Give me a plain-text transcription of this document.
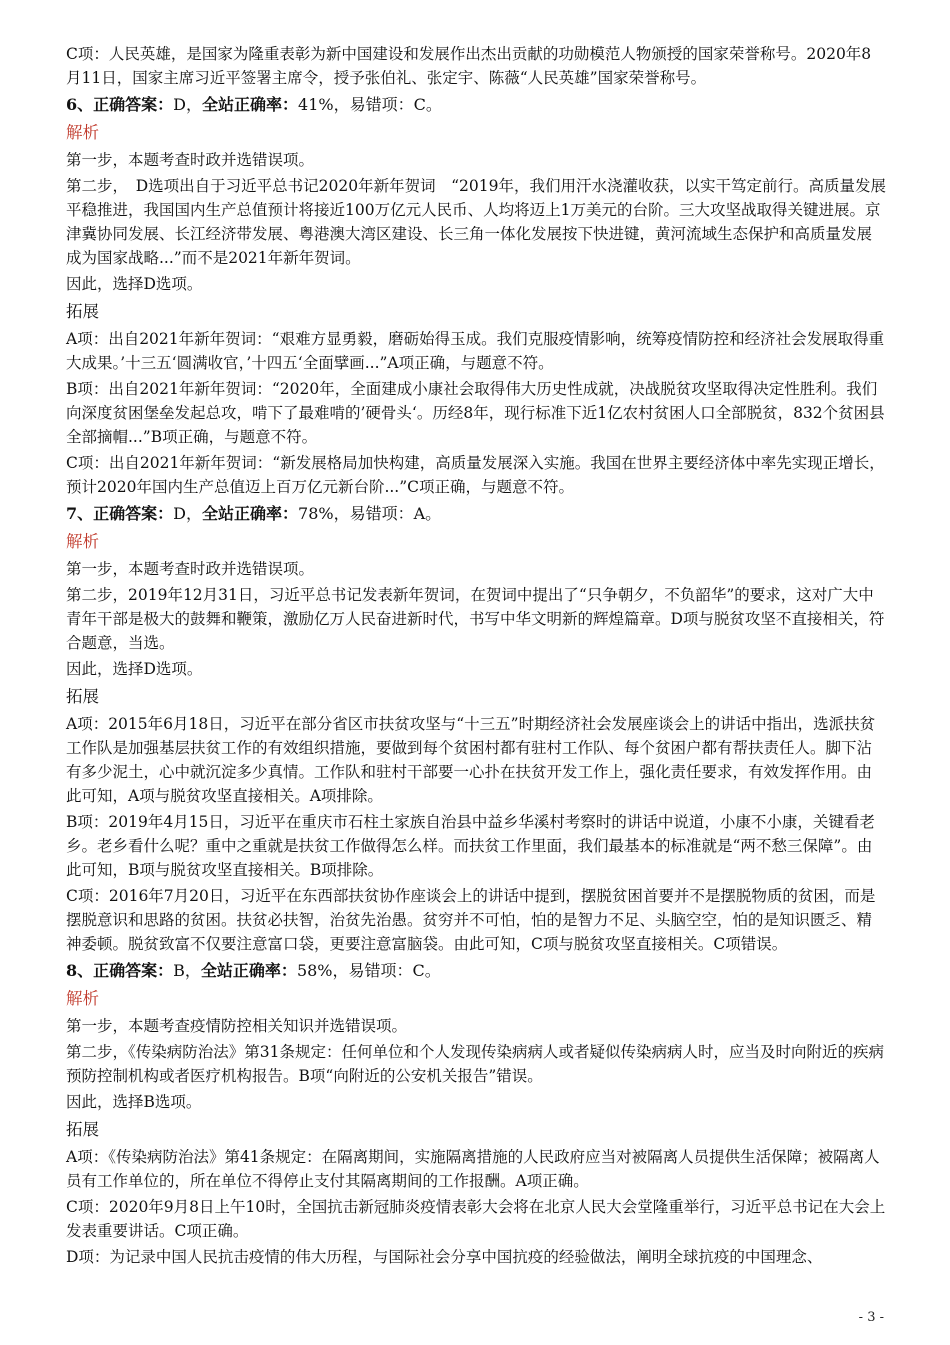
C项：人民英雄，是国家为隆重表彰为新中国建设和发展作出杰出贡献的功勋模范人物颁授的国家荣誉称号。2020年8月11日，国家主席习近平签署主席令，授予张伯礼、张定宇、陈薇“人民英雄”国家荣誉称号。

6、正确答案：D，全站正确率：41%，易错项：C。

解析

第一步，本题考查时政并选错误项。

第二步，　D选项出自于习近平总书记2020年新年贺词　“2019年，我们用汗水浇灌收获，以实干笃定前行。高质量发展平稳推进，我国国内生产总值预计将接近100万亿元人民币、人均将迈上1万美元的台阶。三大攻坚战取得关键进展。京津冀协同发展、长江经济带发展、粤港澳大湾区建设、长三角一体化发展按下快进键，黄河流域生态保护和高质量发展成为国家战略...”而不是2021年新年贺词。

因此，选择D选项。

拓展

A项：出自2021年新年贺词：“艰难方显勇毅，磨砺始得玉成。我们克服疫情影响，统筹疫情防控和经济社会发展取得重大成果。’十三五‘圆满收官，’十四五‘全面擘画...”A项正确，与题意不符。

B项：出自2021年新年贺词：“2020年，全面建成小康社会取得伟大历史性成就，决战脱贫攻坚取得决定性胜利。我们向深度贫困堡垒发起总攻，啃下了最难啃的’硬骨头‘。历经8年，现行标准下近1亿农村贫困人口全部脱贫，832个贫困县全部摘帽...”B项正确，与题意不符。

C项：出自2021年新年贺词：“新发展格局加快构建，高质量发展深入实施。我国在世界主要经济体中率先实现正增长，预计2020年国内生产总值迈上百万亿元新台阶...”C项正确，与题意不符。

7、正确答案：D，全站正确率：78%，易错项：A。

解析

第一步，本题考查时政并选错误项。

第二步，2019年12月31日，习近平总书记发表新年贺词，在贺词中提出了“只争朝夕，不负韶华”的要求，这对广大中青年干部是极大的鼓舞和鞭策，激励亿万人民奋进新时代，书写中华文明新的辉煌篇章。D项与脱贫攻坚不直接相关，符合题意，当选。

因此，选择D选项。

拓展

A项：2015年6月18日，习近平在部分省区市扶贫攻坚与“十三五”时期经济社会发展座谈会上的讲话中指出，选派扶贫工作队是加强基层扶贫工作的有效组织措施，要做到每个贫困村都有驻村工作队、每个贫困户都有帮扶责任人。脚下沾有多少泥土，心中就沉淀多少真情。工作队和驻村干部要一心扑在扶贫开发工作上，强化责任要求，有效发挥作用。由此可知，A项与脱贫攻坚直接相关。A项排除。

B项：2019年4月15日，习近平在重庆市石柱土家族自治县中益乡华溪村考察时的讲话中说道，小康不小康，关键看老乡。老乡看什么呢？重中之重就是扶贫工作做得怎么样。而扶贫工作里面，我们最基本的标准就是“两不愁三保障”。由此可知，B项与脱贫攻坚直接相关。B项排除。

C项：2016年7月20日，习近平在东西部扶贫协作座谈会上的讲话中提到，摆脱贫困首要并不是摆脱物质的贫困，而是摆脱意识和思路的贫困。扶贫必扶智，治贫先治愚。贫穷并不可怕，怕的是智力不足、头脑空空，怕的是知识匮乏、精神委顿。脱贫致富不仅要注意富口袋，更要注意富脑袋。由此可知，C项与脱贫攻坚直接相关。C项错误。

8、正确答案：B，全站正确率：58%，易错项：C。

解析

第一步，本题考查疫情防控相关知识并选错误项。

第二步，《传染病防治法》第31条规定：任何单位和个人发现传染病病人或者疑似传染病病人时，应当及时向附近的疾病预防控制机构或者医疗机构报告。B项“向附近的公安机关报告”错误。

因此，选择B选项。

拓展

A项：《传染病防治法》第41条规定：在隔离期间，实施隔离措施的人民政府应当对被隔离人员提供生活保障；被隔离人员有工作单位的，所在单位不得停止支付其隔离期间的工作报酬。A项正确。

C项：2020年9月8日上午10时，全国抗击新冠肺炎疫情表彰大会将在北京人民大会堂隆重举行，习近平总书记在大会上发表重要讲话。C项正确。

D项：为记录中国人民抗击疫情的伟大历程，与国际社会分享中国抗疫的经验做法，阐明全球抗疫的中国理念、

- 3 -
